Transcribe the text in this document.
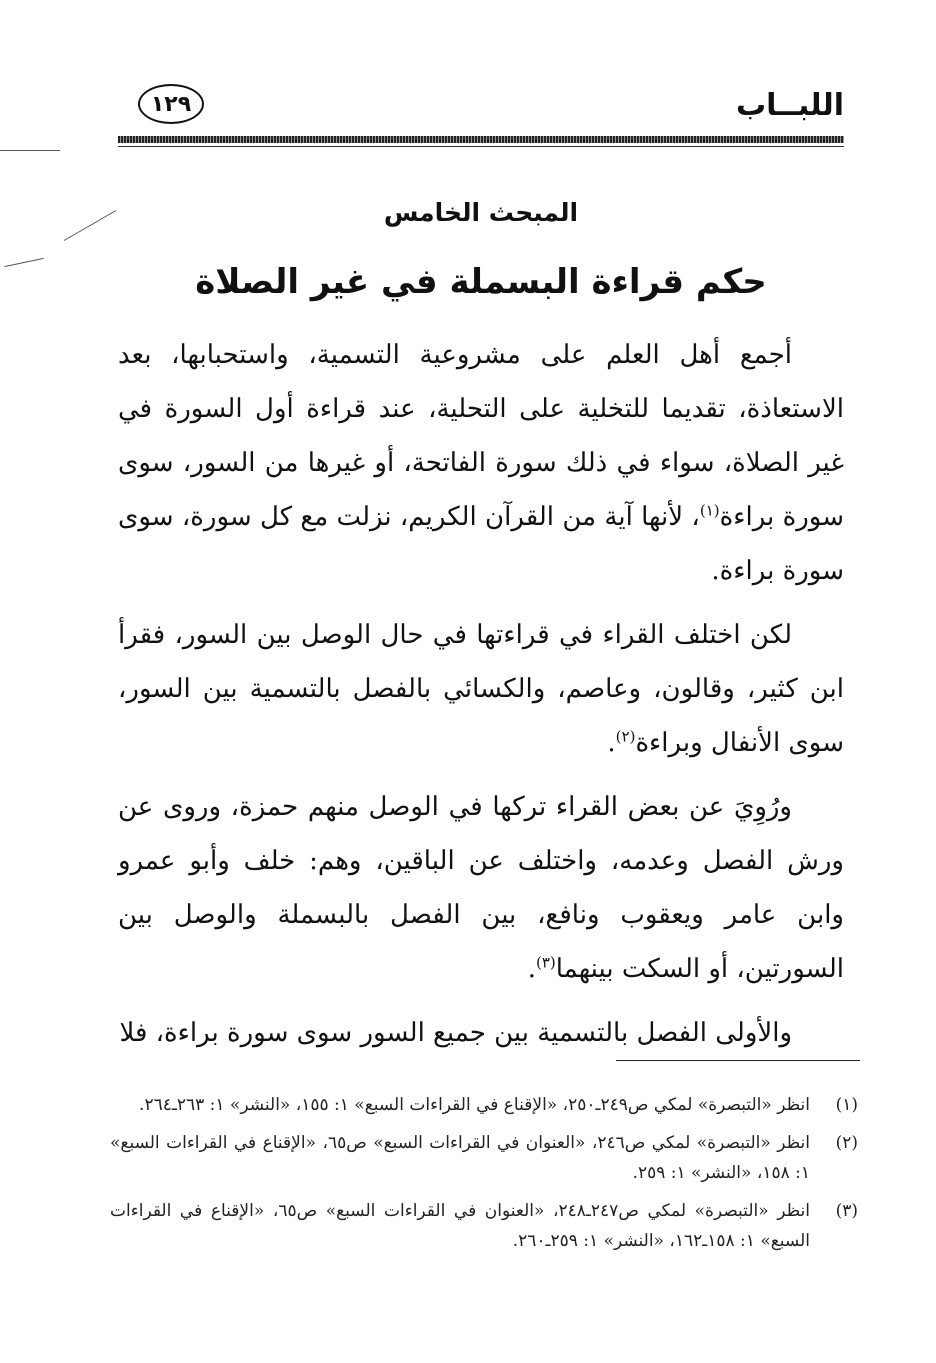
اللبــاب
١٢٩
المبحث الخامس
حكم قراءة البسملة في غير الصلاة

أجمع أهل العلم على مشروعية التسمية، واستحبابها، بعد الاستعاذة، تقديما للتخلية على التحلية، عند قراءة أول السورة في غير الصلاة، سواء في ذلك سورة الفاتحة، أو غيرها من السور، سوى سورة براءة$^{(١)}$، لأنها آية من القرآن الكريم، نزلت مع كل سورة، سوى سورة براءة.

لكن اختلف القراء في قراءتها في حال الوصل بين السور، فقرأ ابن كثير، وقالون، وعاصم، والكسائي بالفصل بالتسمية بين السور، سوى الأنفال وبراءة$^{(٢)}$.

ورُوِيَ عن بعض القراء تركها في الوصل منهم حمزة، وروى عن ورش الفصل وعدمه، واختلف عن الباقين، وهم: خلف وأبو عمرو وابن عامر ويعقوب ونافع، بين الفصل بالبسملة والوصل بين السورتين، أو السكت بينهما$^{(٣)}$.

والأولى الفصل بالتسمية بين جميع السور سوى سورة براءة، فلا

(١)
انظر «التبصرة» لمكي ص٢٤٩ـ٢٥٠، «الإقناع في القراءات السبع» ١: ١٥٥، «النشر» ١: ٢٦٣ـ٢٦٤.
(٢)
انظر «التبصرة» لمكي ص٢٤٦، «العنوان في القراءات السبع» ص٦٥، «الإقناع في القراءات السبع» ١: ١٥٨، «النشر» ١: ٢٥٩.
(٣)
انظر «التبصرة» لمكي ص٢٤٧ـ٢٤٨، «العنوان في القراءات السبع» ص٦٥، «الإقناع في القراءات السبع» ١: ١٥٨ـ١٦٢، «النشر» ١: ٢٥٩ـ٢٦٠.
